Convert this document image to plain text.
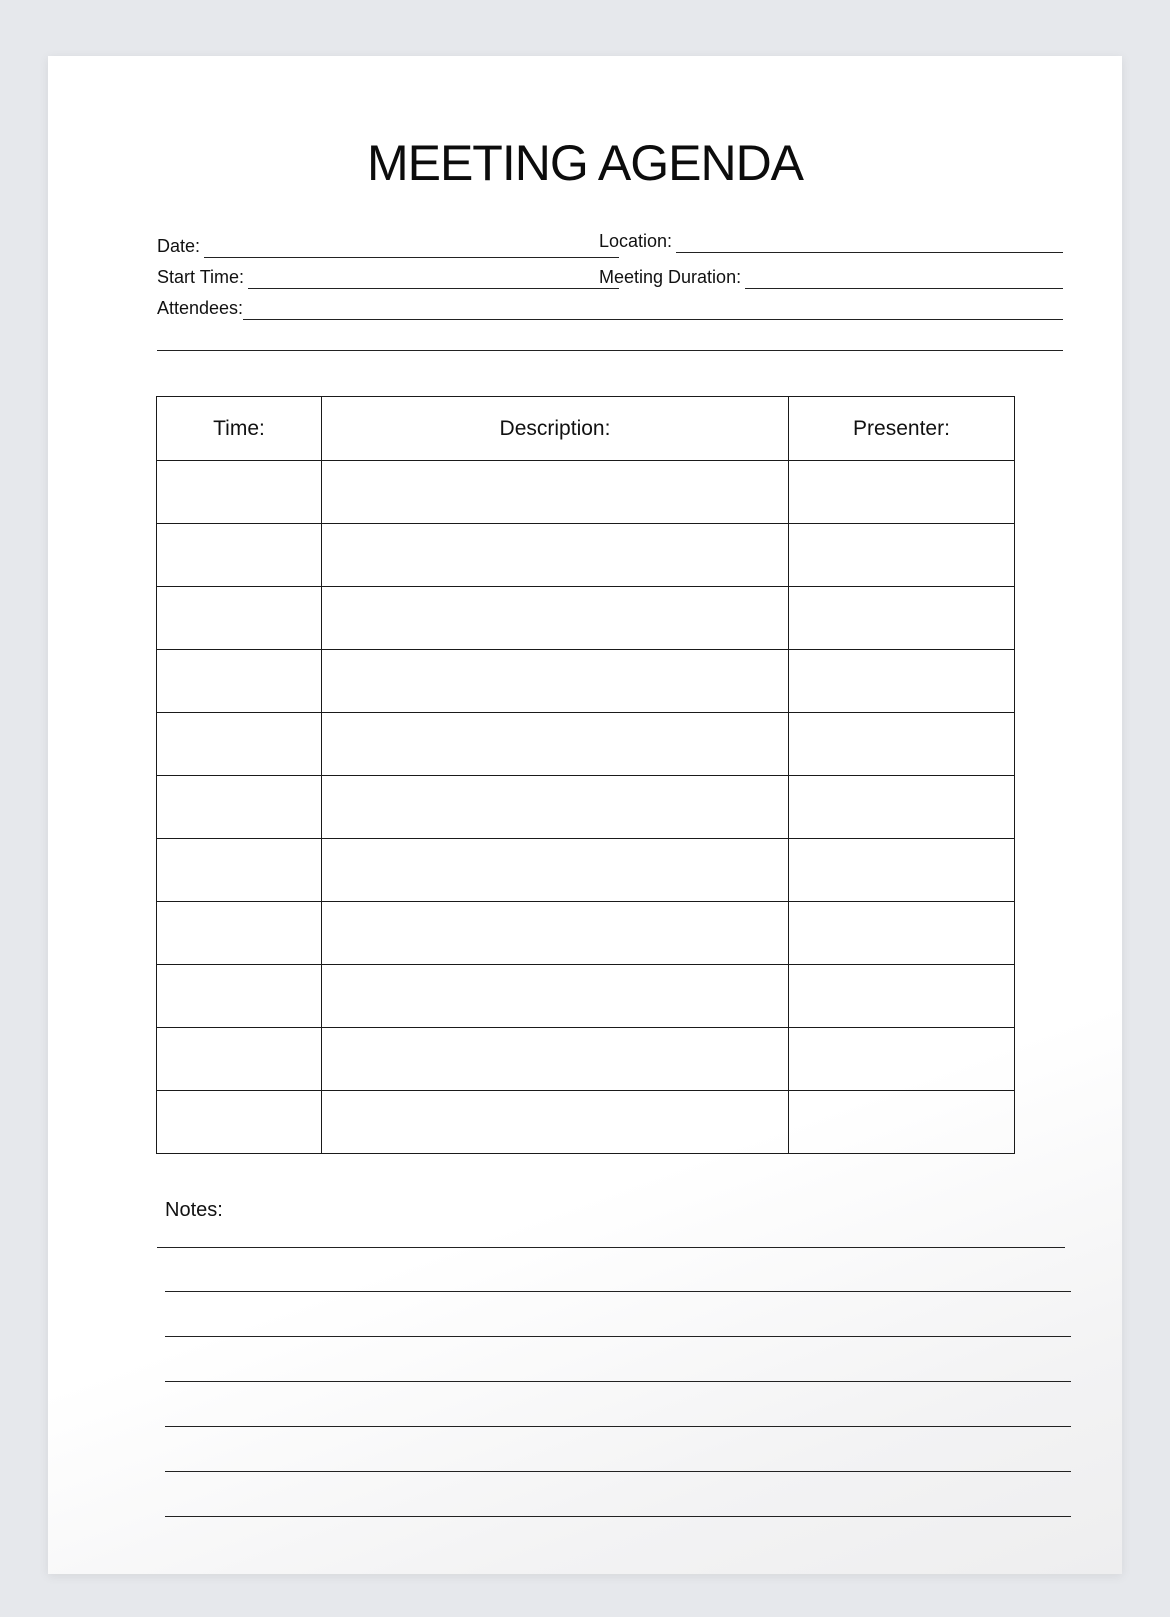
MEETING AGENDA
Date:	Location:
Start Time:	Meeting Duration:
Attendees:
Time:	Description:	Presenter:

Notes:
